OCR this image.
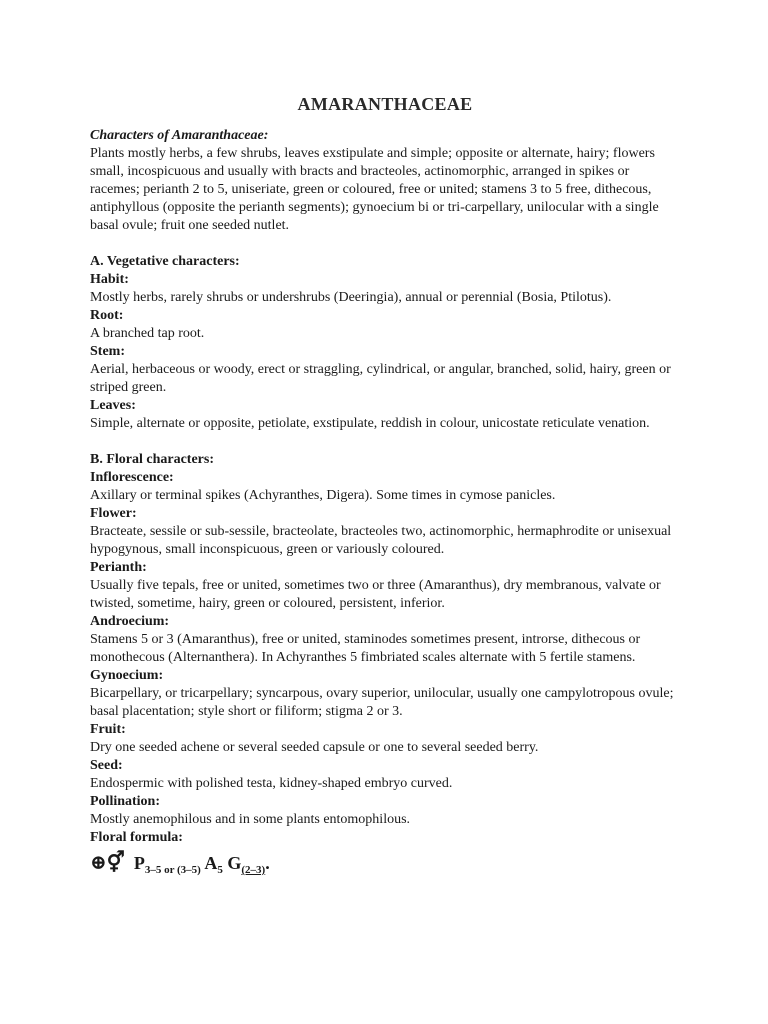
AMARANTHACEAE
Characters of Amaranthaceae:

Plants mostly herbs, a few shrubs, leaves exstipulate and simple; opposite or alternate, hairy; flowers small, incospicuous and usually with bracts and bracteoles, actinomorphic, arranged in spikes or racemes; perianth 2 to 5, uniseriate, green or coloured, free or united; stamens 3 to 5 free, dithecous, antiphyllous (opposite the perianth segments); gynoecium bi or tri-carpellary, unilocular with a single basal ovule; fruit one seeded nutlet.

A. Vegetative characters:
Habit:

Mostly herbs, rarely shrubs or undershrubs (Deeringia), annual or perennial (Bosia, Ptilotus).

Root:

A branched tap root.

Stem:

Aerial, herbaceous or woody, erect or straggling, cylindrical, or angular, branched, solid, hairy, green or striped green.

Leaves:

Simple, alternate or opposite, petiolate, exstipulate, reddish in colour, unicostate reticulate venation.

B. Floral characters:
Inflorescence:

Axillary or terminal spikes (Achyranthes, Digera). Some times in cymose panicles.

Flower:

Bracteate, sessile or sub-sessile, bracteolate, bracteoles two, actinomorphic, hermaphrodite or unisexual hypogynous, small inconspicuous, green or variously coloured.

Perianth:

Usually five tepals, free or united, sometimes two or three (Amaranthus), dry membranous, valvate or twisted, sometime, hairy, green or coloured, persistent, inferior.

Androecium:

Stamens 5 or 3 (Amaranthus), free or united, staminodes sometimes present, introrse, dithecous or monothecous (Alternanthera). In Achyranthes 5 fimbriated scales alternate with 5 fertile stamens.

Gynoecium:

Bicarpellary, or tricarpellary; syncarpous, ovary superior, unilocular, usually one campylotropous ovule; basal placentation; style short or filiform; stigma 2 or 3.

Fruit:

Dry one seeded achene or several seeded capsule or one to several seeded berry.

Seed:

Endospermic with polished testa, kidney-shaped embryo curved.

Pollination:

Mostly anemophilous and in some plants entomophilous.

Floral formula:
⊕⚥ $P_{3-5 or (3-5)}$ $A_5$ $G_{(2-3)}$.
